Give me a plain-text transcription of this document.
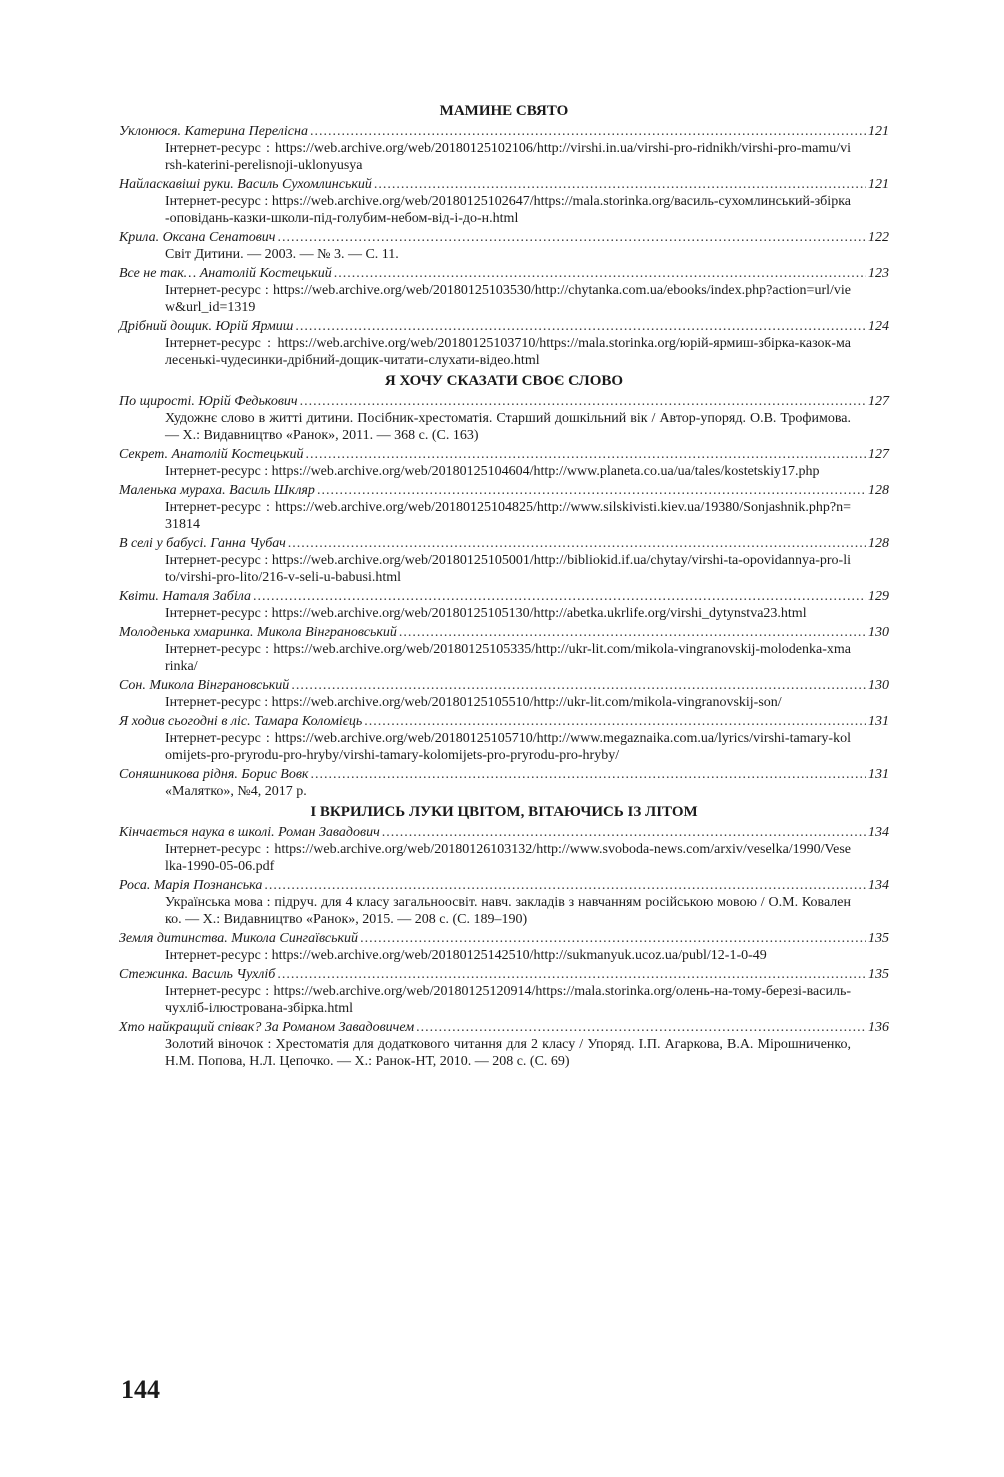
МАМИНЕ СВЯТО
Уклонюся. Катерина Перелісна .....	121
Інтернет-ресурс : https://web.archive.org/web/20180125102106/http://virshi.in.ua/virshi-pro-ridnikh/virshi-pro-mamu/virsh-katerini-perelisnoji-uklonyusya
Найласкавіші руки. Василь Сухомлинський .....	121
Інтернет-ресурс : https://web.archive.org/web/20180125102647/https://mala.storinka.org/василь-сухомлинський-збірка-оповідань-казки-школи-під-голубим-небом-від-і-до-н.html
Крила. Оксана Сенатович .....	122
Світ Дитини. — 2003. — № 3. — С. 11.
Все не так… Анатолій Костецький .....	123
Інтернет-ресурс : https://web.archive.org/web/20180125103530/http://chytanka.com.ua/ebooks/index.php?action=url/view&url_id=1319
Дрібний дощик. Юрій Ярмиш .....	124
Інтернет-ресурс : https://web.archive.org/web/20180125103710/https://mala.storinka.org/юрій-ярмиш-збірка-казок-малесенькі-чудесинки-дрібний-дощик-читати-слухати-відео.html
Я ХОЧУ СКАЗАТИ СВОЄ СЛОВО
По щирості. Юрій Федькович .....	127
Художнє слово в житті дитини. Посібник-хрестоматія. Старший дошкільний вік / Автор-упоряд. О.В. Трофимова. — Х.: Видавництво «Ранок», 2011. — 368 с. (С. 163)
Секрет. Анатолій Костецький .....	127
Інтернет-ресурс : https://web.archive.org/web/20180125104604/http://www.planeta.co.ua/ua/tales/kostetskiy17.php
Маленька мураха. Василь Шкляр .....	128
Інтернет-ресурс : https://web.archive.org/web/20180125104825/http://www.silskivisti.kiev.ua/19380/Sonjashnik.php?n=31814
В селі у бабусі. Ганна Чубач .....	128
Інтернет-ресурс : https://web.archive.org/web/20180125105001/http://bibliokid.if.ua/chytay/virshi-ta-opovidannya-pro-lito/virshi-pro-lito/216-v-seli-u-babusi.html
Квіти. Наталя Забіла .....	129
Інтернет-ресурс : https://web.archive.org/web/20180125105130/http://abetka.ukrlife.org/virshi_dytynstva23.html
Молоденька хмаринка. Микола Вінграновський .....	130
Інтернет-ресурс : https://web.archive.org/web/20180125105335/http://ukr-lit.com/mikola-vingranovskij-molodenka-xmarinka/
Сон. Микола Вінграновський .....	130
Інтернет-ресурс : https://web.archive.org/web/20180125105510/http://ukr-lit.com/mikola-vingranovskij-son/
Я ходив сьогодні в ліс. Тамара Коломієць .....	131
Інтернет-ресурс : https://web.archive.org/web/20180125105710/http://www.megaznaika.com.ua/lyrics/virshi-tamary-kolomijets-pro-pryrodu-pro-hryby/virshi-tamary-kolomijets-pro-pryrodu-pro-hryby/
Соняшникова рідня. Борис Вовк .....	131
«Малятко», №4, 2017 р.
І ВКРИЛИСЬ ЛУКИ ЦВІТОМ, ВІТАЮЧИСЬ ІЗ ЛІТОМ
Кінчається наука в школі. Роман Завадович .....	134
Інтернет-ресурс : https://web.archive.org/web/20180126103132/http://www.svoboda-news.com/arxiv/veselka/1990/Veselka-1990-05-06.pdf
Роса. Марія Познанська .....	134
Українська мова : підруч. для 4 класу загальноосвіт. навч. закладів з навчанням російською мовою / О.М. Коваленко. — Х.: Видавництво «Ранок», 2015. — 208 с. (С. 189–190)
Земля дитинства. Микола Сингаївський .....	135
Інтернет-ресурс : https://web.archive.org/web/20180125142510/http://sukmanyuk.ucoz.ua/publ/12-1-0-49
Стежинка. Василь Чухліб .....	135
Інтернет-ресурс : https://web.archive.org/web/20180125120914/https://mala.storinka.org/олень-на-тому-березі-василь-чухліб-ілюстрована-збірка.html
Хто найкращий співак? За Романом Завадовичем .....	136
Золотий віночок : Хрестоматія для додаткового читання для 2 класу / Упоряд. І.П. Агаркова, В.А. Мірошниченко, Н.М. Попова, Н.Л. Цепочко. — Х.: Ранок-НТ, 2010. — 208 с. (С. 69)
144
